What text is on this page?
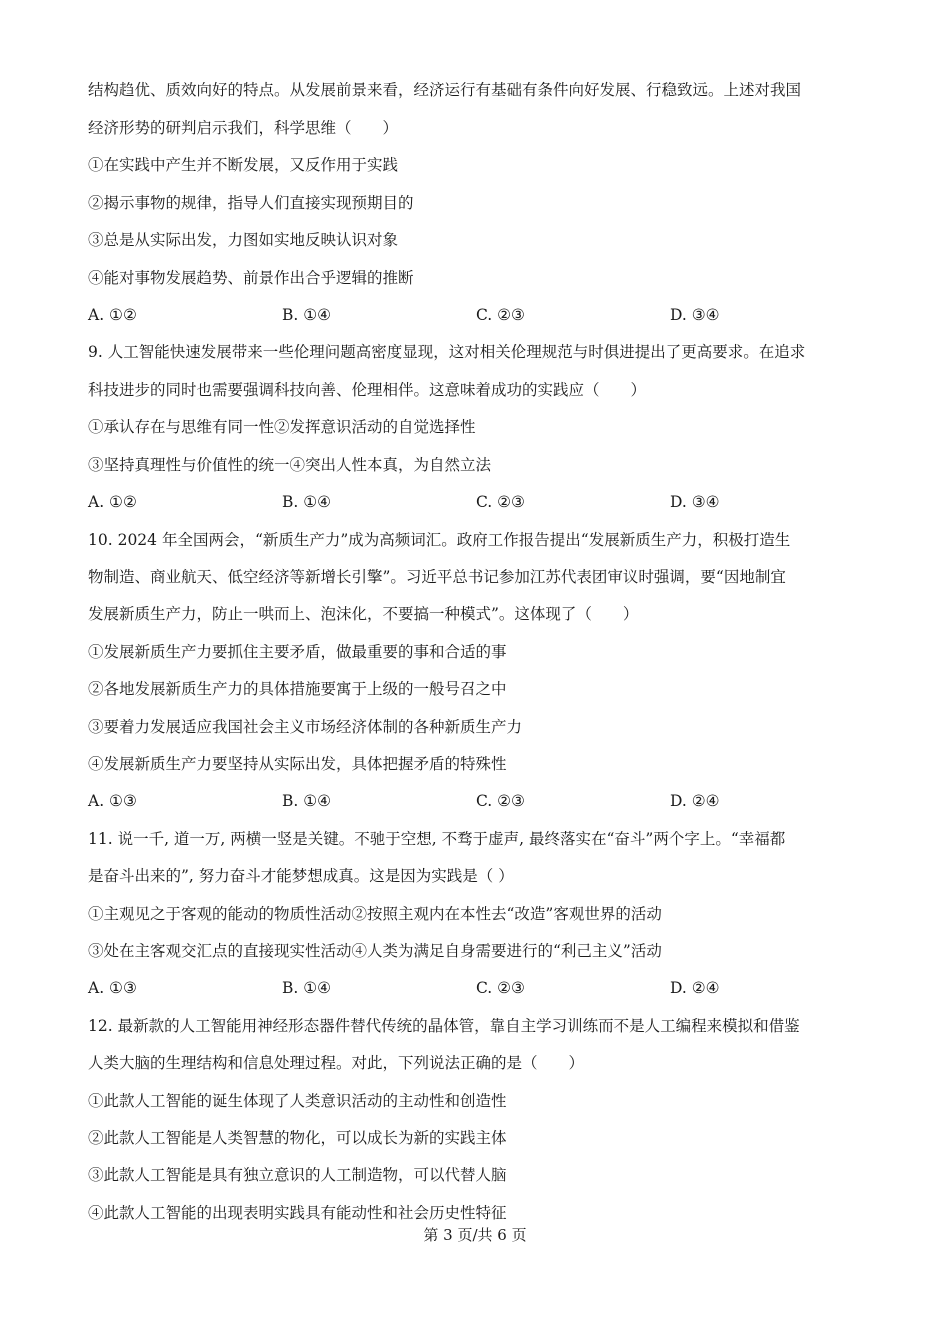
结构趋优、质效向好的特点。从发展前景来看，经济运行有基础有条件向好发展、行稳致远。上述对我国
经济形势的研判启示我们，科学思维（　　）
①在实践中产生并不断发展，又反作用于实践
②揭示事物的规律，指导人们直接实现预期目的
③总是从实际出发，力图如实地反映认识对象
④能对事物发展趋势、前景作出合乎逻辑的推断
A. ①②	B. ①④	C. ②③	D. ③④
9. 人工智能快速发展带来一些伦理问题高密度显现，这对相关伦理规范与时俱进提出了更高要求。在追求
科技进步的同时也需要强调科技向善、伦理相伴。这意味着成功的实践应（　　）
①承认存在与思维有同一性②发挥意识活动的自觉选择性
③坚持真理性与价值性的统一④突出人性本真，为自然立法
A. ①②	B. ①④	C. ②③	D. ③④
10. 2024 年全国两会，“新质生产力”成为高频词汇。政府工作报告提出“发展新质生产力，积极打造生
物制造、商业航天、低空经济等新增长引擎”。习近平总书记参加江苏代表团审议时强调，要“因地制宜
发展新质生产力，防止一哄而上、泡沫化，不要搞一种模式”。这体现了（　　）
①发展新质生产力要抓住主要矛盾，做最重要的事和合适的事
②各地发展新质生产力的具体措施要寓于上级的一般号召之中
③要着力发展适应我国社会主义市场经济体制的各种新质生产力
④发展新质生产力要坚持从实际出发，具体把握矛盾的特殊性
A. ①③	B. ①④	C. ②③	D. ②④
11. 说一千, 道一万, 两横一竖是关键。不驰于空想, 不骛于虚声, 最终落实在“奋斗”两个字上。“幸福都
是奋斗出来的”, 努力奋斗才能梦想成真。这是因为实践是（ ）
①主观见之于客观的能动的物质性活动②按照主观内在本性去“改造”客观世界的活动
③处在主客观交汇点的直接现实性活动④人类为满足自身需要进行的“利己主义”活动
A. ①③	B. ①④	C. ②③	D. ②④
12. 最新款的人工智能用神经形态器件替代传统的晶体管，靠自主学习训练而不是人工编程来模拟和借鉴
人类大脑的生理结构和信息处理过程。对此，下列说法正确的是（　　）
①此款人工智能的诞生体现了人类意识活动的主动性和创造性
②此款人工智能是人类智慧的物化，可以成长为新的实践主体
③此款人工智能是具有独立意识的人工制造物，可以代替人脑
④此款人工智能的出现表明实践具有能动性和社会历史性特征
第 3 页/共 6 页
